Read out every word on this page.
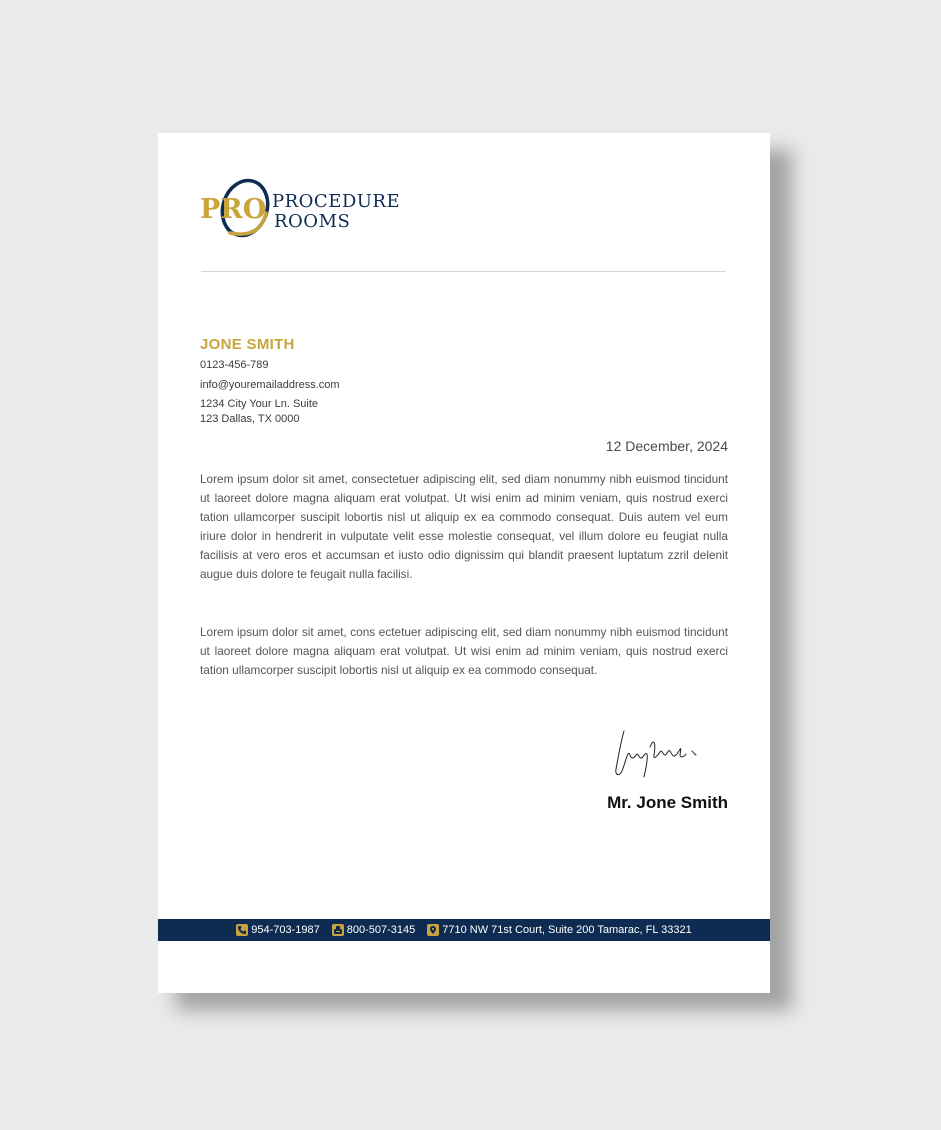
PRO PROCEDURE
ROOMS
JONE SMITH
0123-456-789
info@youremailaddress.com
1234 City Your Ln. Suite
123 Dallas, TX 0000
12 December, 2024

Lorem ipsum dolor sit amet, consectetuer adipiscing elit, sed diam nonummy nibh euismod tincidunt ut laoreet dolore magna aliquam erat volutpat. Ut wisi enim ad minim veniam, quis nostrud exerci tation ullamcorper suscipit lobortis nisl ut aliquip ex ea commodo consequat. Duis autem vel eum iriure dolor in hendrerit in vulputate velit esse molestie consequat, vel illum dolore eu feugiat nulla facilisis at vero eros et accumsan et iusto odio dignissim qui blandit praesent luptatum zzril delenit augue duis dolore te feugait nulla facilisi.

Lorem ipsum dolor sit amet, cons ectetuer adipiscing elit, sed diam nonummy nibh euismod tincidunt ut laoreet dolore magna aliquam erat volutpat. Ut wisi enim ad minim veniam, quis nostrud exerci tation ullamcorper suscipit lobortis nisl ut aliquip ex ea commodo consequat.

Mr. Jone Smith
954-703-1987 800-507-3145 7710 NW 71st Court, Suite 200 Tamarac, FL 33321
